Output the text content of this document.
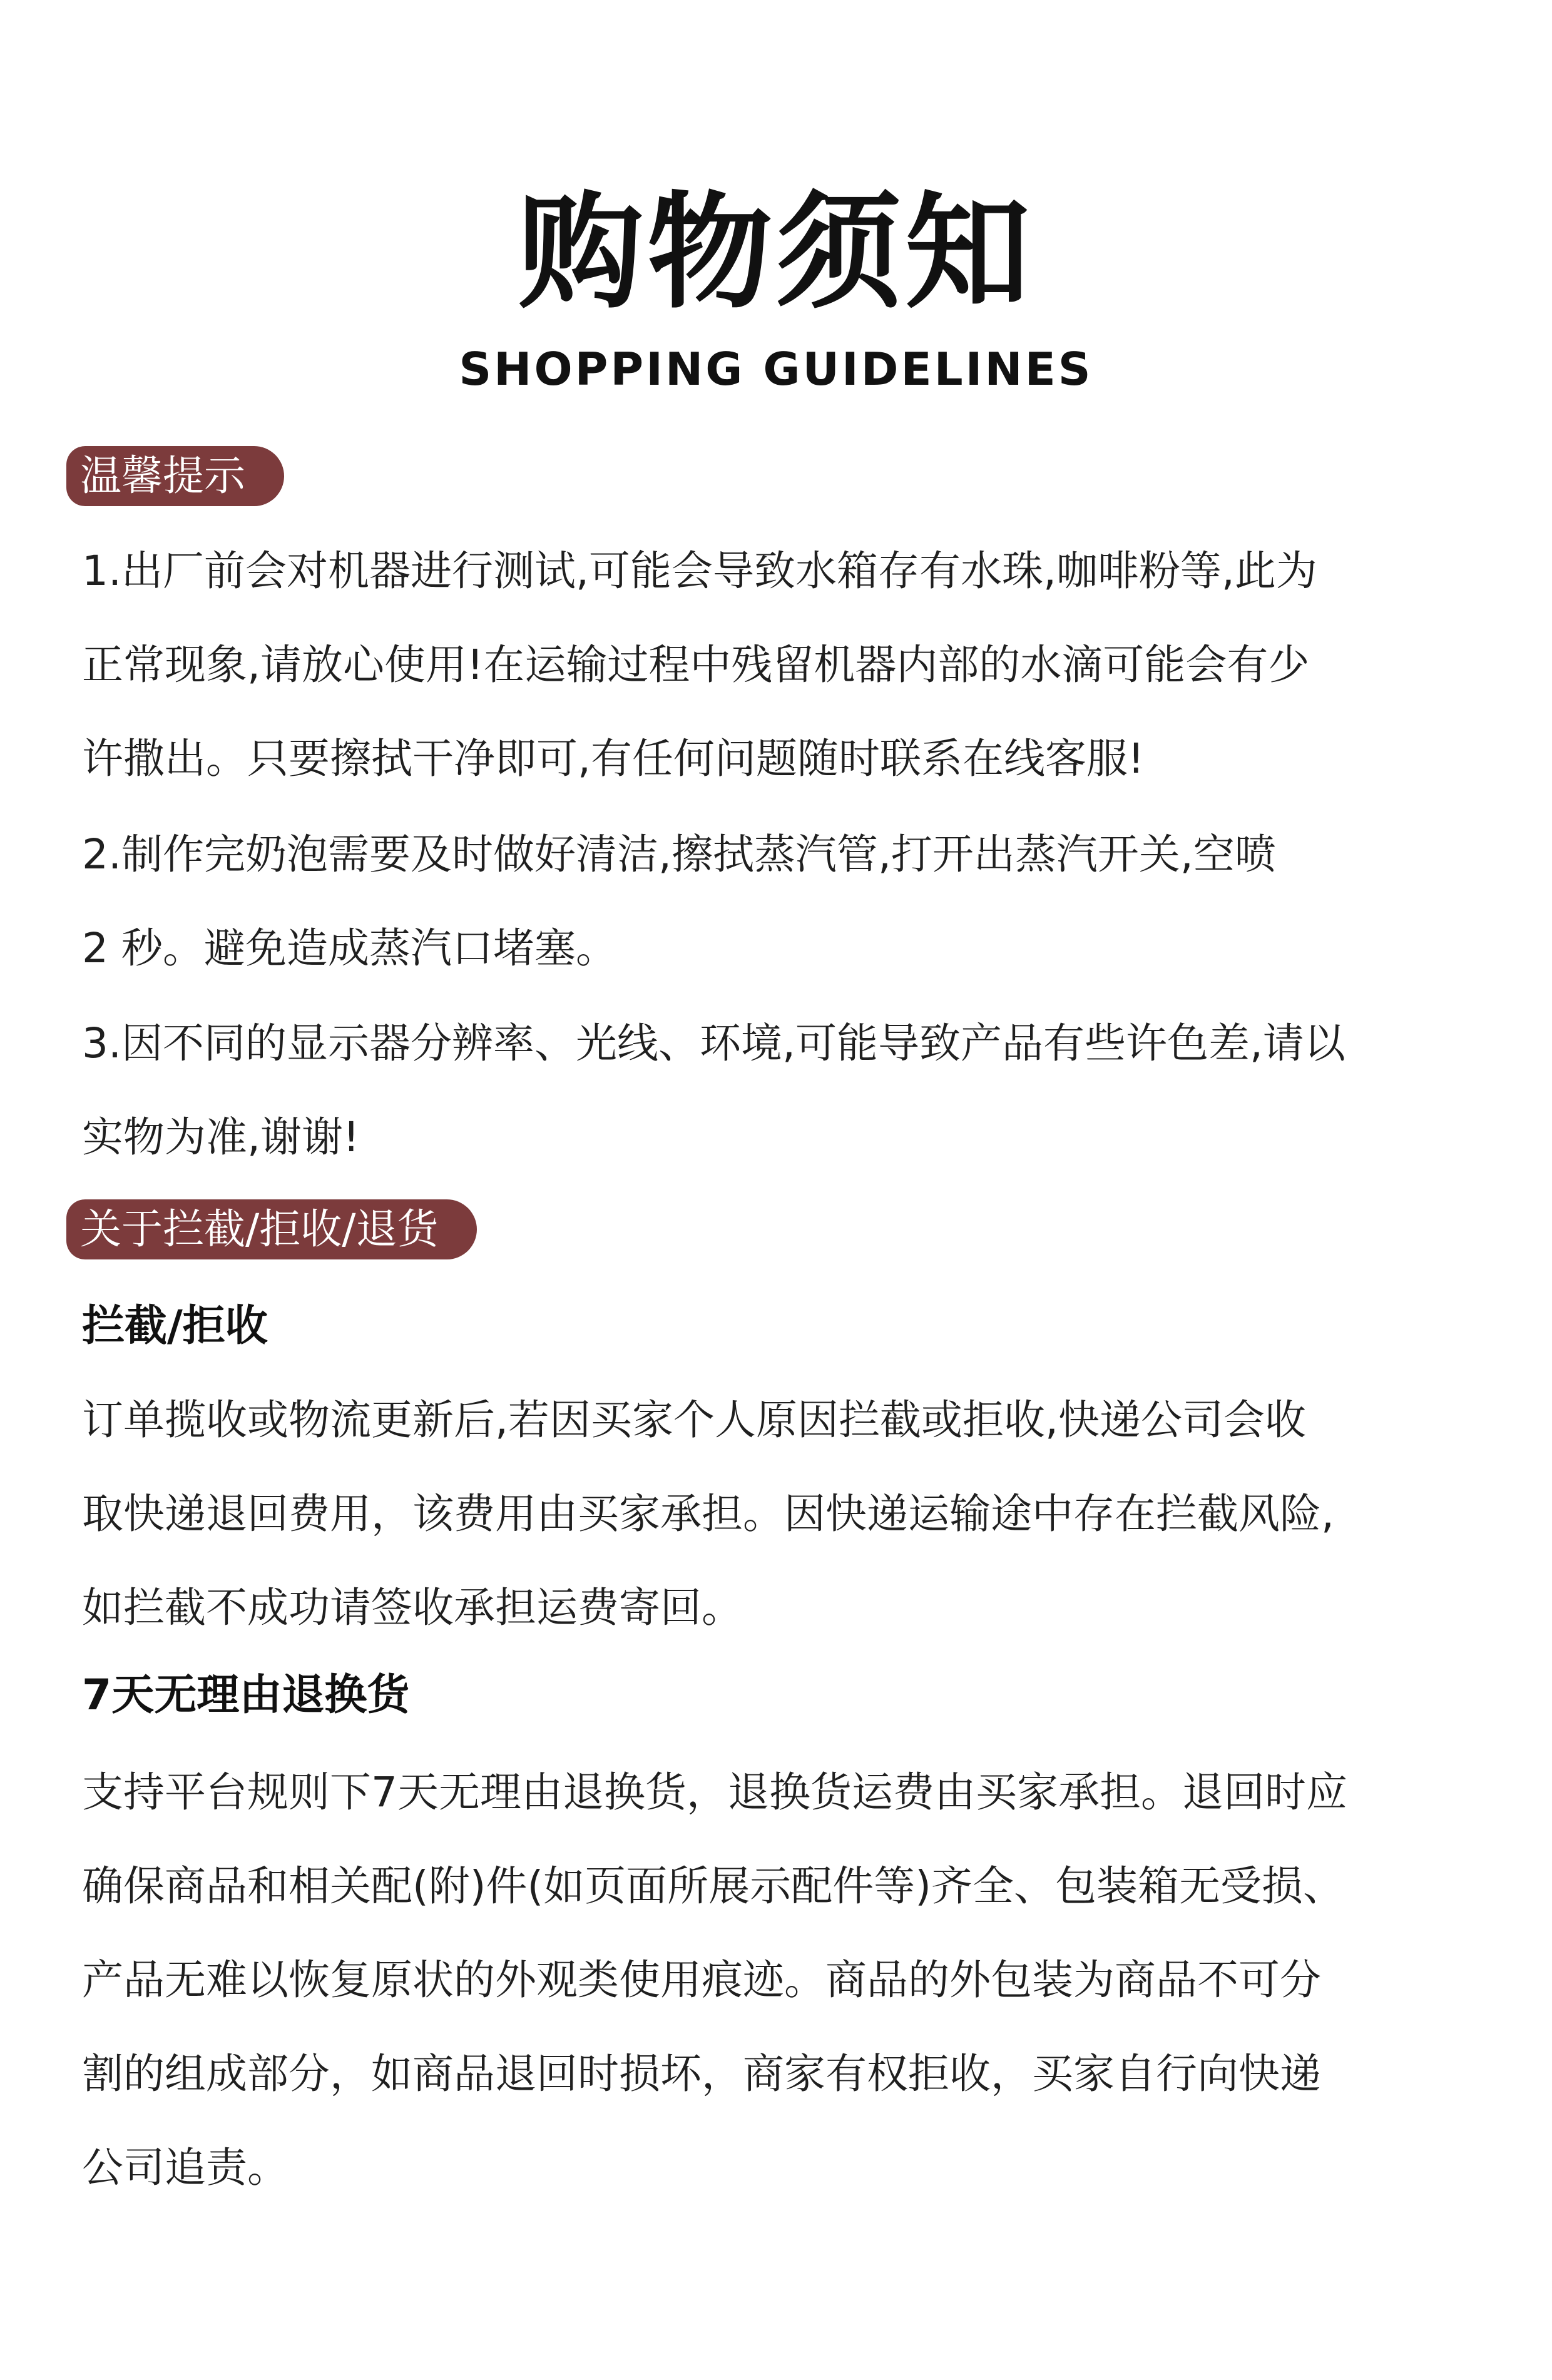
购物须知
SHOPPING GUIDELINES
温馨提示
1.出厂前会对机器进行测试,可能会导致水箱存有水珠,咖啡粉等,此为
正常现象,请放心使用!在运输过程中残留机器内部的水滴可能会有少
许撒出。只要擦拭干净即可,有任何问题随时联系在线客服!
2.制作完奶泡需要及时做好清洁,擦拭蒸汽管,打开出蒸汽开关,空喷
2 秒。避免造成蒸汽口堵塞。
3.因不同的显示器分辨率、光线、环境,可能导致产品有些许色差,请以
实物为准,谢谢!
关于拦截/拒收/退货
拦截/拒收
订单揽收或物流更新后,若因买家个人原因拦截或拒收,快递公司会收
取快递退回费用，该费用由买家承担。因快递运输途中存在拦截风险,
如拦截不成功请签收承担运费寄回。
7天无理由退换货
支持平台规则下7天无理由退换货，退换货运费由买家承担。退回时应
确保商品和相关配(附)件(如页面所展示配件等)齐全、包装箱无受损、
产品无难以恢复原状的外观类使用痕迹。商品的外包装为商品不可分
割的组成部分，如商品退回时损坏，商家有权拒收，买家自行向快递
公司追责。
